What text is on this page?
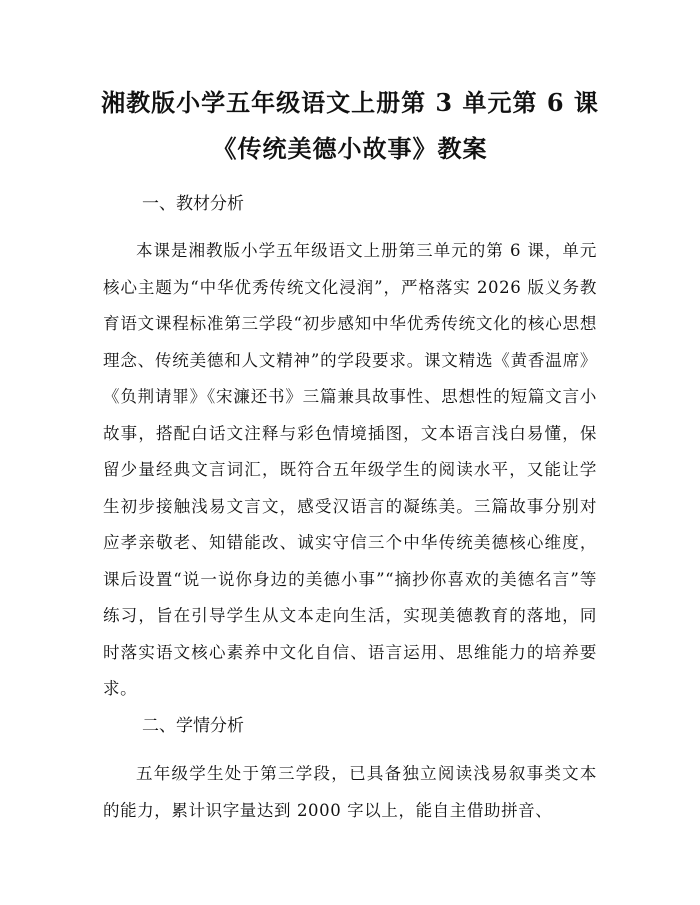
湘教版小学五年级语文上册第 3 单元第 6 课
《传统美德小故事》教案
一、教材分析
本课是湘教版小学五年级语文上册第三单元的第 6 课，单元核心主题为“中华优秀传统文化浸润”，严格落实 2026 版义务教育语文课程标准第三学段“初步感知中华优秀传统文化的核心思想理念、传统美德和人文精神”的学段要求。课文精选《黄香温席》《负荆请罪》《宋濂还书》三篇兼具故事性、思想性的短篇文言小故事，搭配白话文注释与彩色情境插图，文本语言浅白易懂，保留少量经典文言词汇，既符合五年级学生的阅读水平，又能让学生初步接触浅易文言文，感受汉语言的凝练美。三篇故事分别对应孝亲敬老、知错能改、诚实守信三个中华传统美德核心维度，课后设置“说一说你身边的美德小事”“摘抄你喜欢的美德名言”等练习，旨在引导学生从文本走向生活，实现美德教育的落地，同时落实语文核心素养中文化自信、语言运用、思维能力的培养要求。
二、学情分析
五年级学生处于第三学段，已具备独立阅读浅易叙事类文本的能力，累计识字量达到 2000 字以上，能自主借助拼音、
